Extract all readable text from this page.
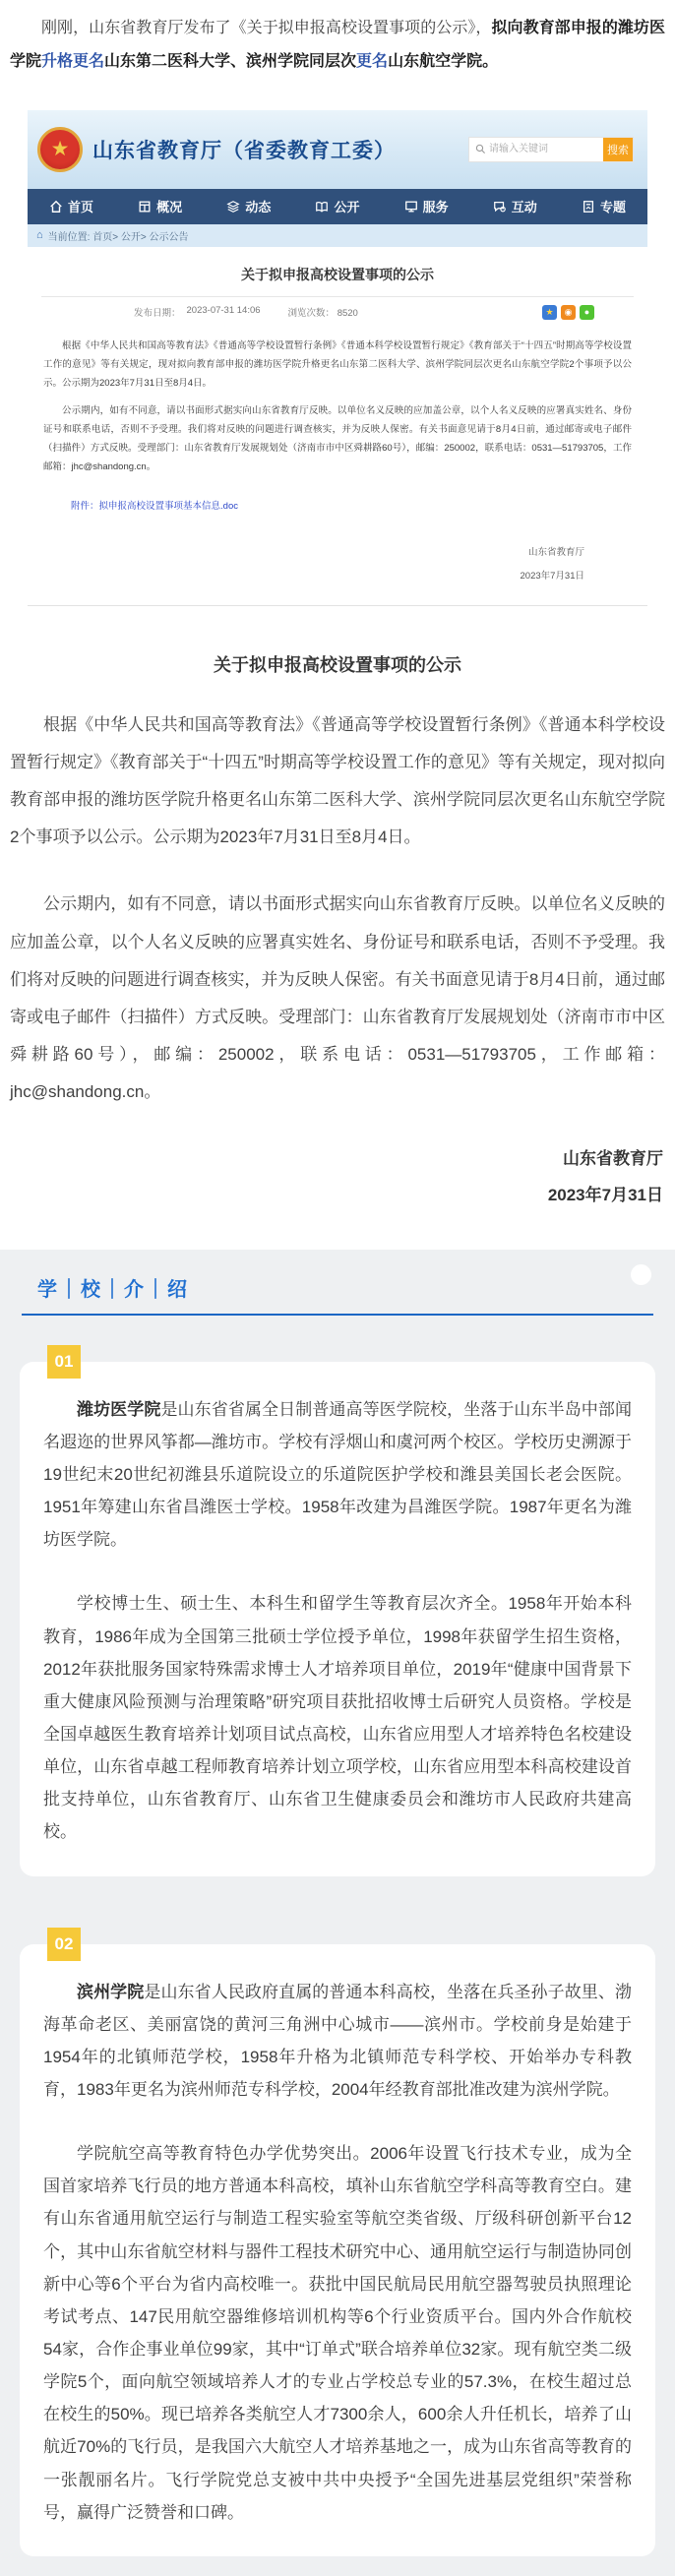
刚刚，山东省教育厅发布了《关于拟申报高校设置事项的公示》，拟向教育部申报的潍坊医学院升格更名山东第二医科大学、滨州学院同层次更名山东航空学院。

★ 山东省教育厅（省委教育工委）
请输入关键词	搜索
首页	概况	动态	公开	服务	互动	专题
⌂ 当前位置: 首页> 公开> 公示公告
关于拟申报高校设置事项的公示
发布日期： 2023-07-31 14:06	浏览次数： 8520	★	◉	●

根据《中华人民共和国高等教育法》《普通高等学校设置暂行条例》《普通本科学校设置暂行规定》《教育部关于“十四五”时期高等学校设置工作的意见》等有关规定，现对拟向教育部申报的潍坊医学院升格更名山东第二医科大学、滨州学院同层次更名山东航空学院2个事项予以公示。公示期为2023年7月31日至8月4日。

公示期内，如有不同意，请以书面形式据实向山东省教育厅反映。以单位名义反映的应加盖公章，以个人名义反映的应署真实姓名、身份证号和联系电话，否则不予受理。我们将对反映的问题进行调查核实，并为反映人保密。有关书面意见请于8月4日前，通过邮寄或电子邮件（扫描件）方式反映。受理部门：山东省教育厅发展规划处（济南市市中区舜耕路60号），邮编：250002，联系电话：0531—51793705，工作邮箱：jhc@shandong.cn。

附件：拟申报高校设置事项基本信息.doc
山东省教育厅
2023年7月31日
关于拟申报高校设置事项的公示

根据《中华人民共和国高等教育法》《普通高等学校设置暂行条例》《普通本科学校设置暂行规定》《教育部关于“十四五”时期高等学校设置工作的意见》等有关规定，现对拟向教育部申报的潍坊医学院升格更名山东第二医科大学、滨州学院同层次更名山东航空学院2个事项予以公示。公示期为2023年7月31日至8月4日。

公示期内，如有不同意，请以书面形式据实向山东省教育厅反映。以单位名义反映的应加盖公章，以个人名义反映的应署真实姓名、身份证号和联系电话，否则不予受理。我们将对反映的问题进行调查核实，并为反映人保密。有关书面意见请于8月4日前，通过邮寄或电子邮件（扫描件）方式反映。受理部门：山东省教育厅发展规划处（济南市市中区舜耕路60号），邮编：250002，联系电话：0531—51793705，工作邮箱：jhc@shandong.cn。

山东省教育厅
2023年7月31日
学｜校｜介｜绍
01

潍坊医学院是山东省省属全日制普通高等医学院校，坐落于山东半岛中部闻名遐迩的世界风筝都—潍坊市。学校有浮烟山和虞河两个校区。学校历史溯源于19世纪末20世纪初潍县乐道院设立的乐道院医护学校和潍县美国长老会医院。1951年筹建山东省昌潍医士学校。1958年改建为昌潍医学院。1987年更名为潍坊医学院。

学校博士生、硕士生、本科生和留学生等教育层次齐全。1958年开始本科教育，1986年成为全国第三批硕士学位授予单位，1998年获留学生招生资格，2012年获批服务国家特殊需求博士人才培养项目单位，2019年“健康中国背景下重大健康风险预测与治理策略”研究项目获批招收博士后研究人员资格。学校是全国卓越医生教育培养计划项目试点高校，山东省应用型人才培养特色名校建设单位，山东省卓越工程师教育培养计划立项学校，山东省应用型本科高校建设首批支持单位，山东省教育厅、山东省卫生健康委员会和潍坊市人民政府共建高校。

02

滨州学院是山东省人民政府直属的普通本科高校，坐落在兵圣孙子故里、渤海革命老区、美丽富饶的黄河三角洲中心城市——滨州市。学校前身是始建于1954年的北镇师范学校，1958年升格为北镇师范专科学校、开始举办专科教育，1983年更名为滨州师范专科学校，2004年经教育部批准改建为滨州学院。

学院航空高等教育特色办学优势突出。2006年设置飞行技术专业，成为全国首家培养飞行员的地方普通本科高校，填补山东省航空学科高等教育空白。建有山东省通用航空运行与制造工程实验室等航空类省级、厅级科研创新平台12个，其中山东省航空材料与器件工程技术研究中心、通用航空运行与制造协同创新中心等6个平台为省内高校唯一。获批中国民航局民用航空器驾驶员执照理论考试考点、147民用航空器维修培训机构等6个行业资质平台。国内外合作航校54家，合作企事业单位99家，其中“订单式”联合培养单位32家。现有航空类二级学院5个，面向航空领域培养人才的专业占学校总专业的57.3%，在校生超过总在校生的50%。现已培养各类航空人才7300余人，600余人升任机长，培养了山航近70%的飞行员，是我国六大航空人才培养基地之一，成为山东省高等教育的一张靓丽名片。飞行学院党总支被中共中央授予“全国先进基层党组织”荣誉称号，赢得广泛赞誉和口碑。
